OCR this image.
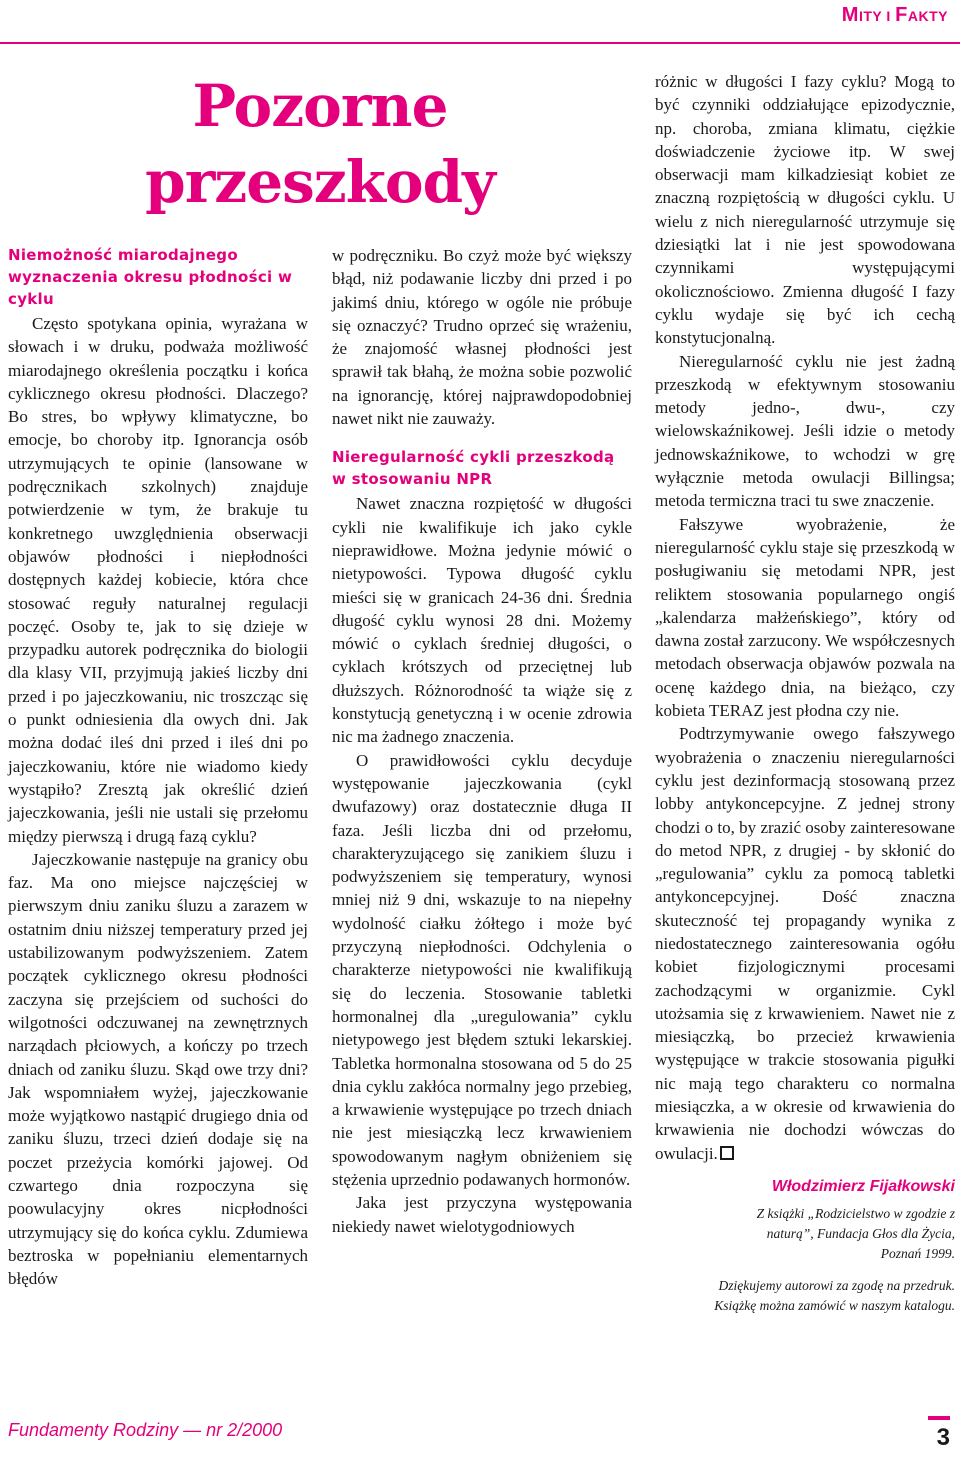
MITY I FAKTY
Pozorne
przeszkody
Niemożność miarodajnego wyznaczenia okresu płodności w cyklu

Często spotykana opinia, wyrażana w słowach i w druku, podważa możliwość miarodajnego określenia początku i końca cyklicznego okresu płodności. Dlaczego? Bo stres, bo wpływy klimatyczne, bo emocje, bo choroby itp. Ignorancja osób utrzymujących te opinie (lansowane w podręcznikach szkolnych) znajduje potwierdzenie w tym, że brakuje tu konkretnego uwzględnienia obserwacji objawów płodności i niepłodności dostępnych każdej kobiecie, która chce stosować reguły naturalnej regulacji poczęć. Osoby te, jak to się dzieje w przypadku autorek podręcznika do biologii dla klasy VII, przyjmują jakieś liczby dni przed i po jajeczkowaniu, nic troszcząc się o punkt odniesienia dla owych dni. Jak można dodać ileś dni przed i ileś dni po jajeczkowaniu, które nie wiadomo kiedy wystąpiło? Zresztą jak określić dzień jajeczkowania, jeśli nie ustali się przełomu między pierwszą i drugą fazą cyklu?

Jajeczkowanie następuje na granicy obu faz. Ma ono miejsce najczęściej w pierwszym dniu zaniku śluzu a zarazem w ostatnim dniu niższej temperatury przed jej ustabilizowanym podwyższeniem. Zatem początek cyklicznego okresu płodności zaczyna się przejściem od suchości do wilgotności odczuwanej na zewnętrznych narządach płciowych, a kończy po trzech dniach od zaniku śluzu. Skąd owe trzy dni? Jak wspomniałem wyżej, jajeczkowanie może wyjątkowo nastąpić drugiego dnia od zaniku śluzu, trzeci dzień dodaje się na poczet przeżycia komórki jajowej. Od czwartego dnia rozpoczyna się poowulacyjny okres nicpłodności utrzymujący się do końca cyklu. Zdumiewa beztroska w popełnianiu elementarnych błędów

w podręczniku. Bo czyż może być większy błąd, niż podawanie liczby dni przed i po jakimś dniu, którego w ogóle nie próbuje się oznaczyć? Trudno oprzeć się wrażeniu, że znajomość własnej płodności jest sprawił tak błahą, że można sobie pozwolić na ignorancję, której najprawdopodobniej nawet nikt nie zauważy.

Nieregularność cykli przeszkodą w stosowaniu NPR

Nawet znaczna rozpiętość w długości cykli nie kwalifikuje ich jako cykle nieprawidłowe. Można jedynie mówić o nietypowości. Typowa długość cyklu mieści się w granicach 24-36 dni. Średnia długość cyklu wynosi 28 dni. Możemy mówić o cyklach średniej długości, o cyklach krótszych od przeciętnej lub dłuższych. Różnorodność ta wiąże się z konstytucją genetyczną i w ocenie zdrowia nic ma żadnego znaczenia.

O prawidłowości cyklu decyduje występowanie jajeczkowania (cykl dwufazowy) oraz dostatecznie długa II faza. Jeśli liczba dni od przełomu, charakteryzującego się zanikiem śluzu i podwyższeniem się temperatury, wynosi mniej niż 9 dni, wskazuje to na niepełny wydolność ciałku żółtego i może być przyczyną niepłodności. Odchylenia o charakterze nietypowości nie kwalifikują się do leczenia. Stosowanie tabletki hormonalnej dla „uregulowania” cyklu nietypowego jest błędem sztuki lekarskiej. Tabletka hormonalna stosowana od 5 do 25 dnia cyklu zakłóca normalny jego przebieg, a krwawienie występujące po trzech dniach nie jest miesiączką lecz krwawieniem spowodowanym nagłym obniżeniem się stężenia uprzednio podawanych hormonów.

Jaka jest przyczyna występowania niekiedy nawet wielotygodniowych

różnic w długości I fazy cyklu? Mogą to być czynniki oddziałujące epizodycznie, np. choroba, zmiana klimatu, ciężkie doświadczenie życiowe itp. W swej obserwacji mam kilkadziesiąt kobiet ze znaczną rozpiętością w długości cyklu. U wielu z nich nieregularność utrzymuje się dziesiątki lat i nie jest spowodowana czynnikami występującymi okolicznościowo. Zmienna długość I fazy cyklu wydaje się być ich cechą konstytucjonalną.

Nieregularność cyklu nie jest żadną przeszkodą w efektywnym stosowaniu metody jedno-, dwu-, czy wielowskaźnikowej. Jeśli idzie o metody jednowskaźnikowe, to wchodzi w grę wyłącznie metoda owulacji Billingsa; metoda termiczna traci tu swe znaczenie.

Fałszywe wyobrażenie, że nieregularność cyklu staje się przeszkodą w posługiwaniu się metodami NPR, jest reliktem stosowania popularnego ongiś „kalendarza małżeńskiego”, który od dawna został zarzucony. We współczesnych metodach obserwacja objawów pozwala na ocenę każdego dnia, na bieżąco, czy kobieta TERAZ jest płodna czy nie.

Podtrzymywanie owego fałszywego wyobrażenia o znaczeniu nieregularności cyklu jest dezinformacją stosowaną przez lobby antykoncepcyjne. Z jednej strony chodzi o to, by zrazić osoby zainteresowane do metod NPR, z drugiej - by skłonić do „regulowania” cyklu za pomocą tabletki antykoncepcyjnej. Dość znaczna skuteczność tej propagandy wynika z niedostatecznego zainteresowania ogółu kobiet fizjologicznymi procesami zachodzącymi w organizmie. Cykl utożsamia się z krwawieniem. Nawet nie z miesiączką, bo przecież krwawienia występujące w trakcie stosowania pigułki nic mają tego charakteru co normalna miesiączka, a w okresie od krwawienia do krwawienia nie dochodzi wówczas do owulacji.

Włodzimierz Fijałkowski
Z książki „Rodzicielstwo w zgodzie z
naturą”, Fundacja Głos dla Życia,
Poznań 1999.
Dziękujemy autorowi za zgodę na przedruk.
Książkę można zamówić w naszym katalogu.
Fundamenty Rodziny — nr 2/2000	3
